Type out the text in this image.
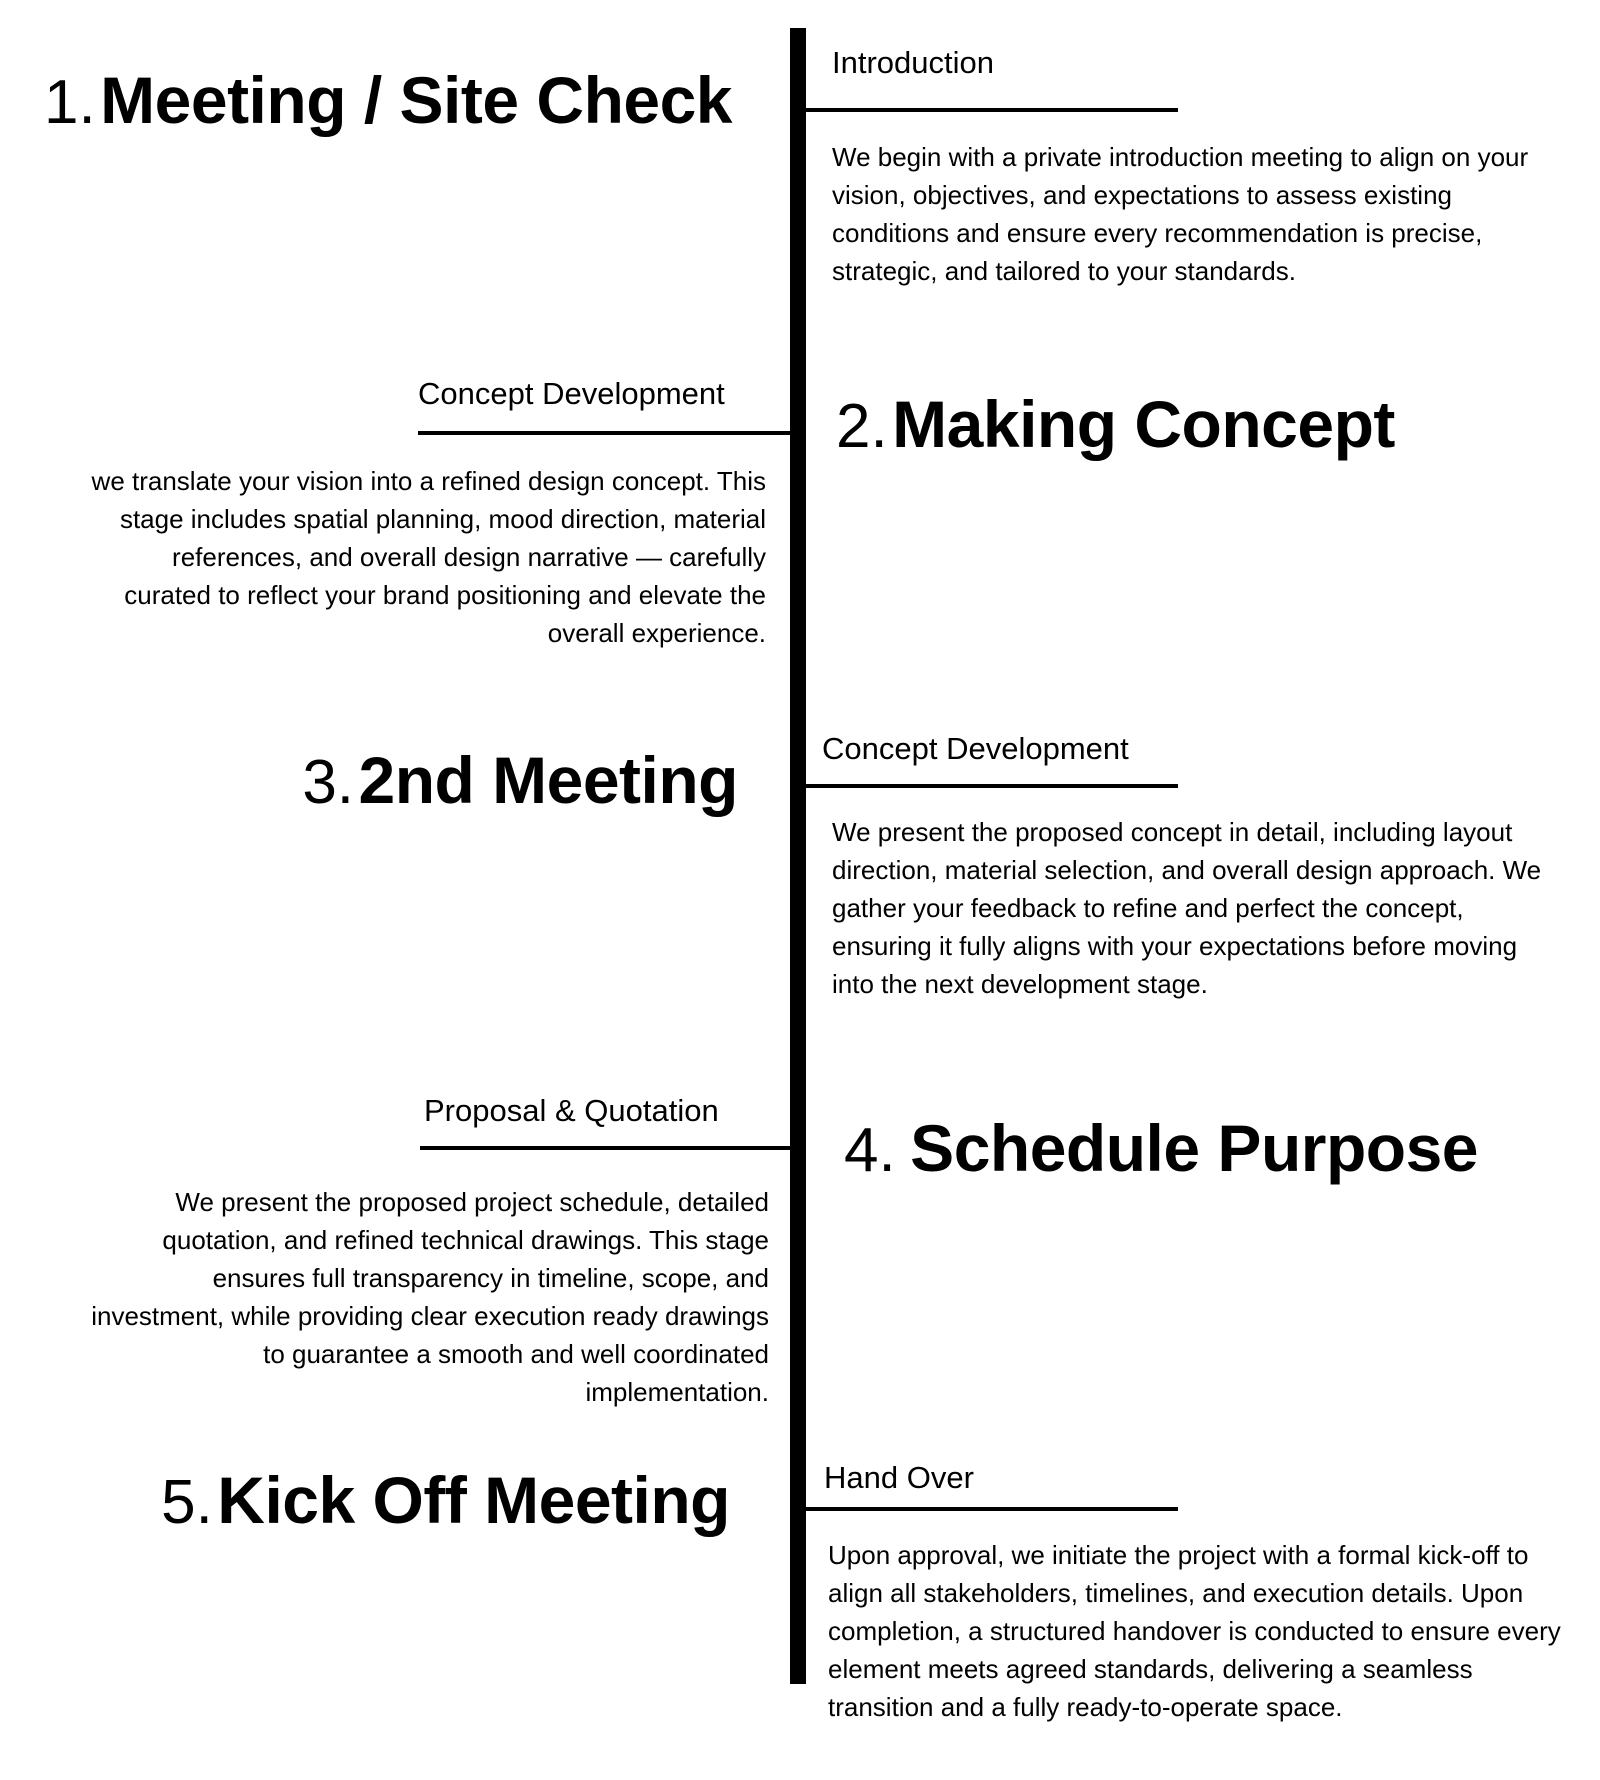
1. Meeting / Site Check
Introduction
We begin with a private introduction meeting to align on your vision, objectives, and expectations to assess existing conditions and ensure every recommendation is precise, strategic, and tailored to your standards.
Concept Development
we translate your vision into a refined design concept. This stage includes spatial planning, mood direction, material references, and overall design narrative — carefully curated to reflect your brand positioning and elevate the overall experience.
2. Making Concept
3. 2nd Meeting	Concept Development
We present the proposed concept in detail, including layout direction, material selection, and overall design approach. We gather your feedback to refine and perfect the concept, ensuring it fully aligns with your expectations before moving into the next development stage.
Proposal & Quotation
We present the proposed project schedule, detailed quotation, and refined technical drawings. This stage ensures full transparency in timeline, scope, and investment, while providing clear execution ready drawings to guarantee a smooth and well coordinated implementation.
4. Schedule Purpose
5. Kick Off Meeting	Hand Over
Upon approval, we initiate the project with a formal kick-off to align all stakeholders, timelines, and execution details. Upon completion, a structured handover is conducted to ensure every element meets agreed standards, delivering a seamless transition and a fully ready-to-operate space.
